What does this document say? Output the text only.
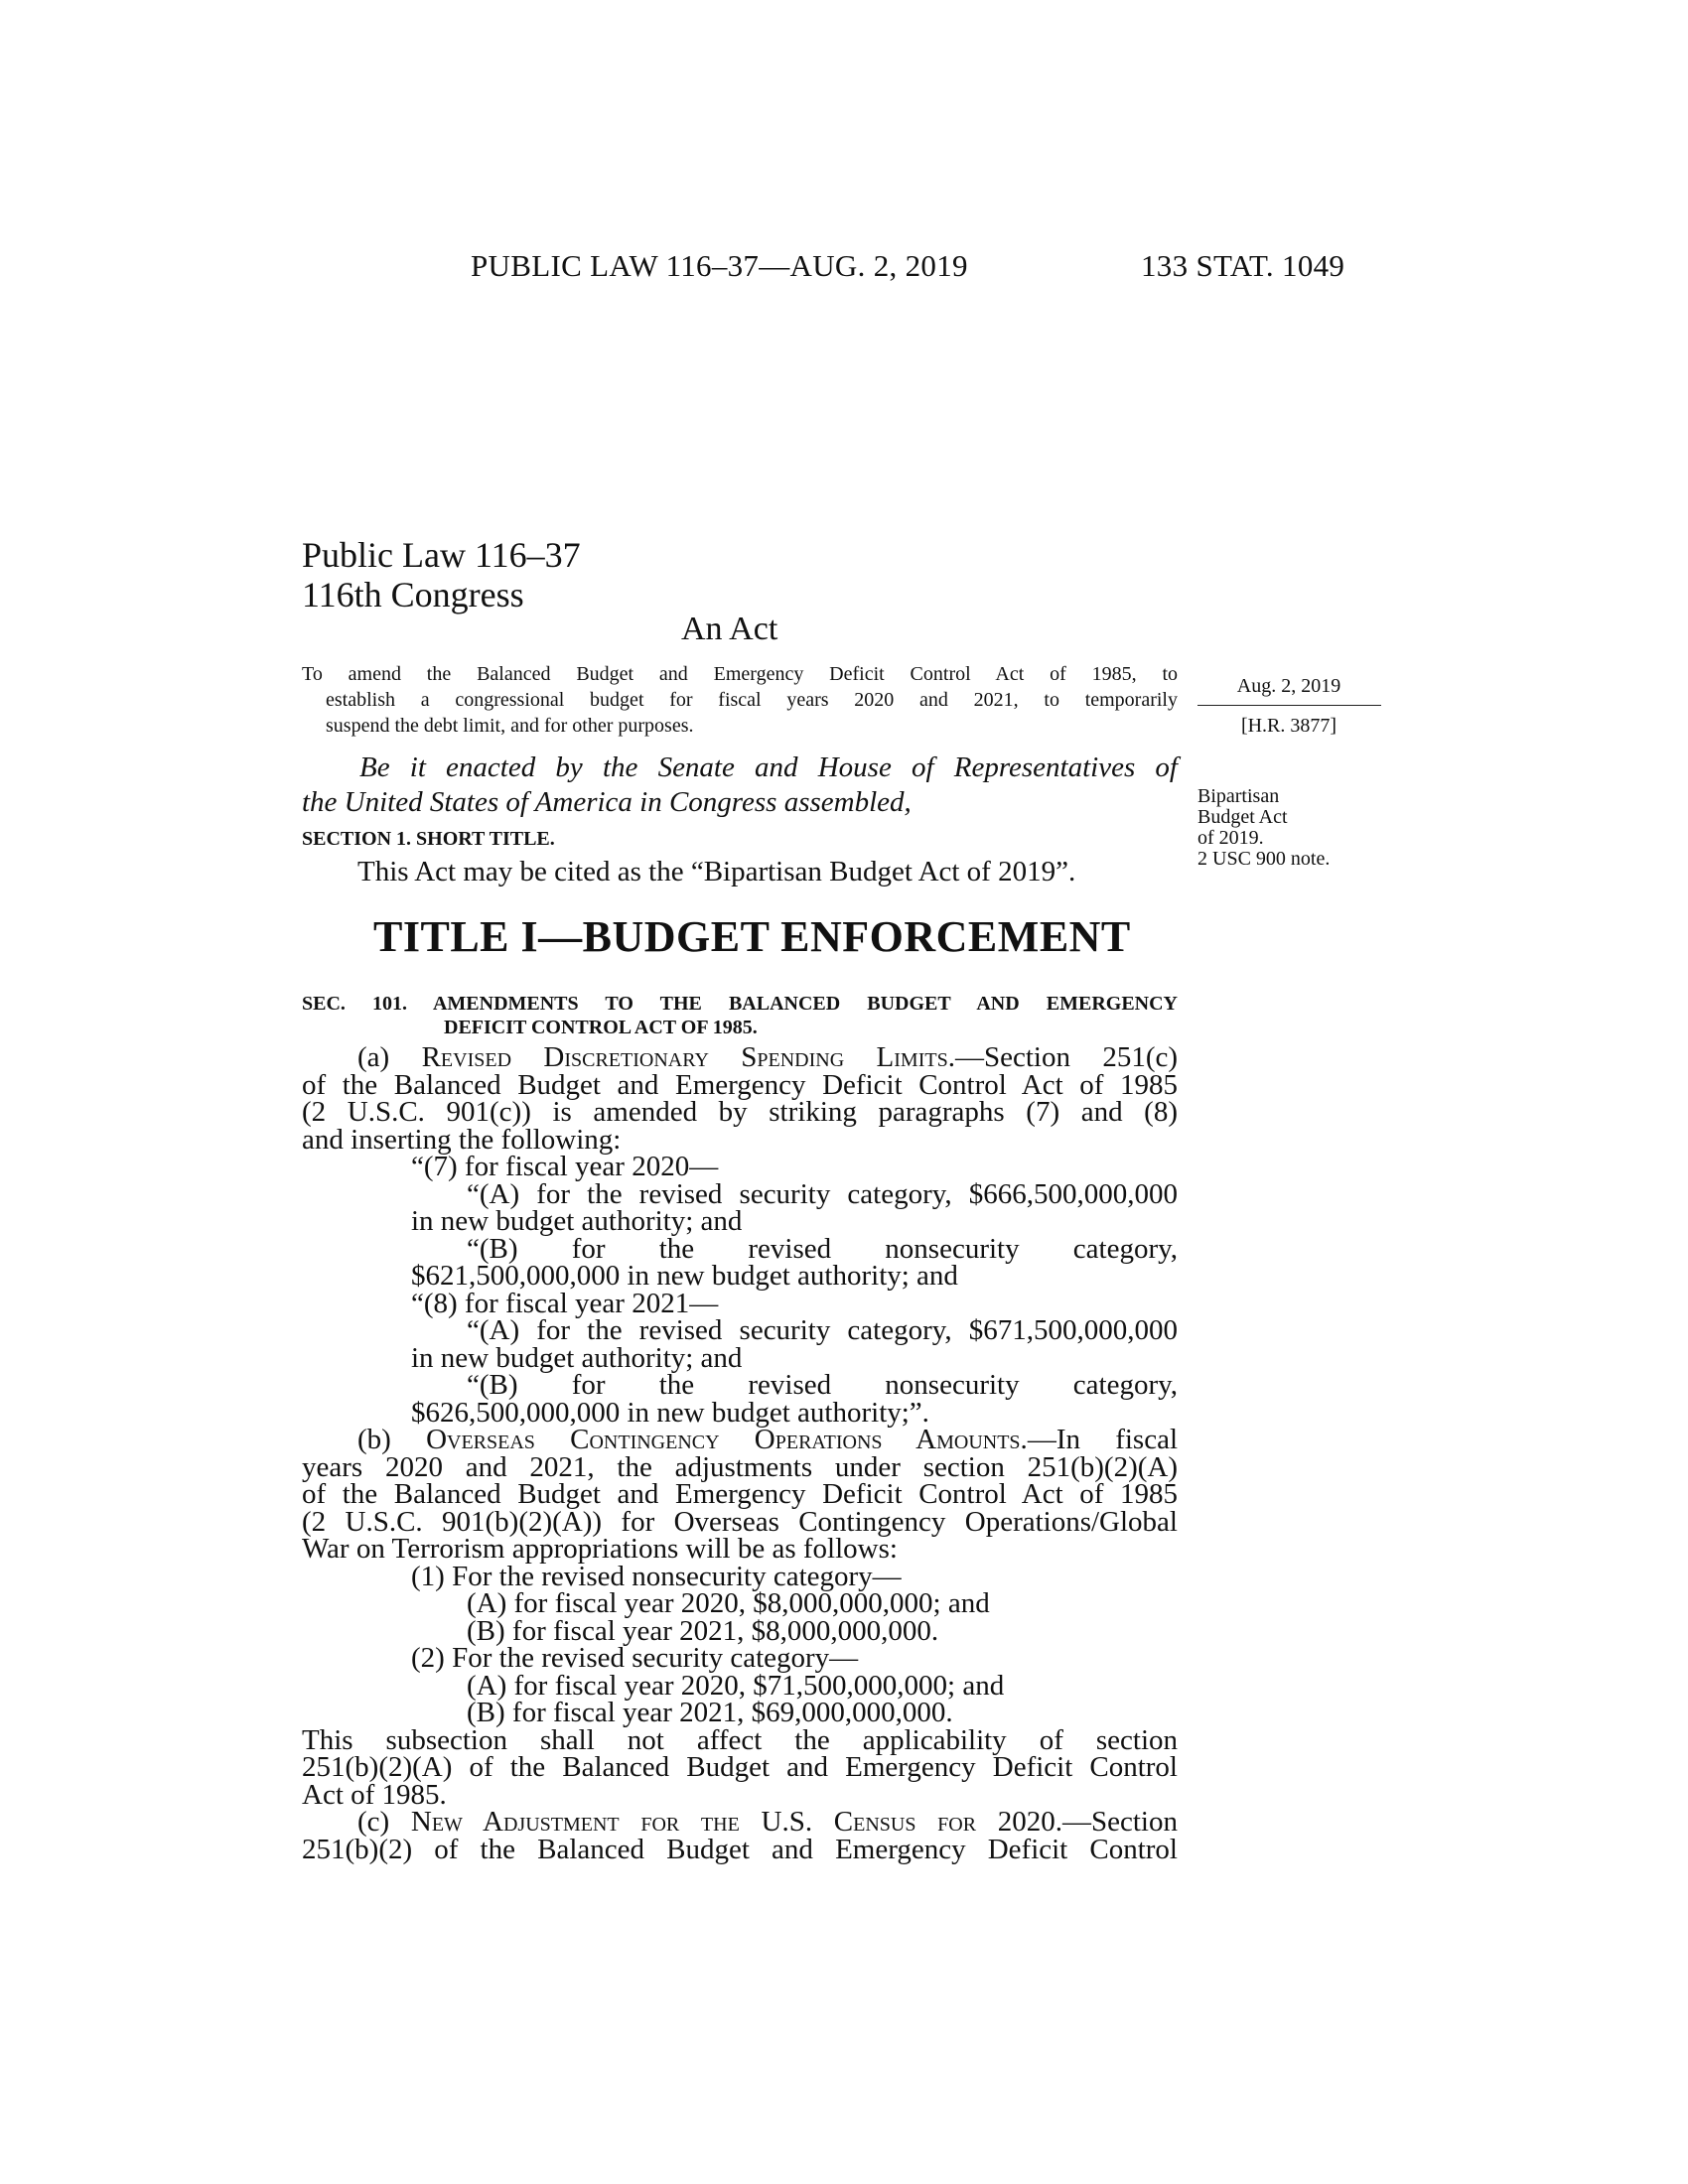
PUBLIC LAW 116–37—AUG. 2, 2019	133 STAT. 1049
Public Law 116–37
116th Congress
An Act
To amend the Balanced Budget and Emergency Deficit Control Act of 1985, to
establish a congressional budget for fiscal years 2020 and 2021, to temporarily
suspend the debt limit, and for other purposes.
Aug. 2, 2019
[H.R. 3877]
Bipartisan
Budget Act
of 2019.
2 USC 900 note.
Be it enacted by the Senate and House of Representatives of
the United States of America in Congress assembled,
SECTION 1. SHORT TITLE.
This Act may be cited as the “Bipartisan Budget Act of 2019”.
TITLE I—BUDGET ENFORCEMENT
SEC. 101. AMENDMENTS TO THE BALANCED BUDGET AND EMERGENCY
DEFICIT CONTROL ACT OF 1985.
(a) Revised Discretionary Spending Limits.—Section 251(c)
of the Balanced Budget and Emergency Deficit Control Act of 1985
(2 U.S.C. 901(c)) is amended by striking paragraphs (7) and (8)
and inserting the following:
“(7) for fiscal year 2020—
“(A) for the revised security category, $666,500,000,000
in new budget authority; and
“(B) for the revised nonsecurity category,
$621,500,000,000 in new budget authority; and
“(8) for fiscal year 2021—
“(A) for the revised security category, $671,500,000,000
in new budget authority; and
“(B) for the revised nonsecurity category,
$626,500,000,000 in new budget authority;”.
(b) Overseas Contingency Operations Amounts.—In fiscal
years 2020 and 2021, the adjustments under section 251(b)(2)(A)
of the Balanced Budget and Emergency Deficit Control Act of 1985
(2 U.S.C. 901(b)(2)(A)) for Overseas Contingency Operations/Global
War on Terrorism appropriations will be as follows:
(1) For the revised nonsecurity category—
(A) for fiscal year 2020, $8,000,000,000; and
(B) for fiscal year 2021, $8,000,000,000.
(2) For the revised security category—
(A) for fiscal year 2020, $71,500,000,000; and
(B) for fiscal year 2021, $69,000,000,000.
This subsection shall not affect the applicability of section
251(b)(2)(A) of the Balanced Budget and Emergency Deficit Control
Act of 1985.
(c) New Adjustment for the U.S. Census for 2020.—Section
251(b)(2) of the Balanced Budget and Emergency Deficit Control
